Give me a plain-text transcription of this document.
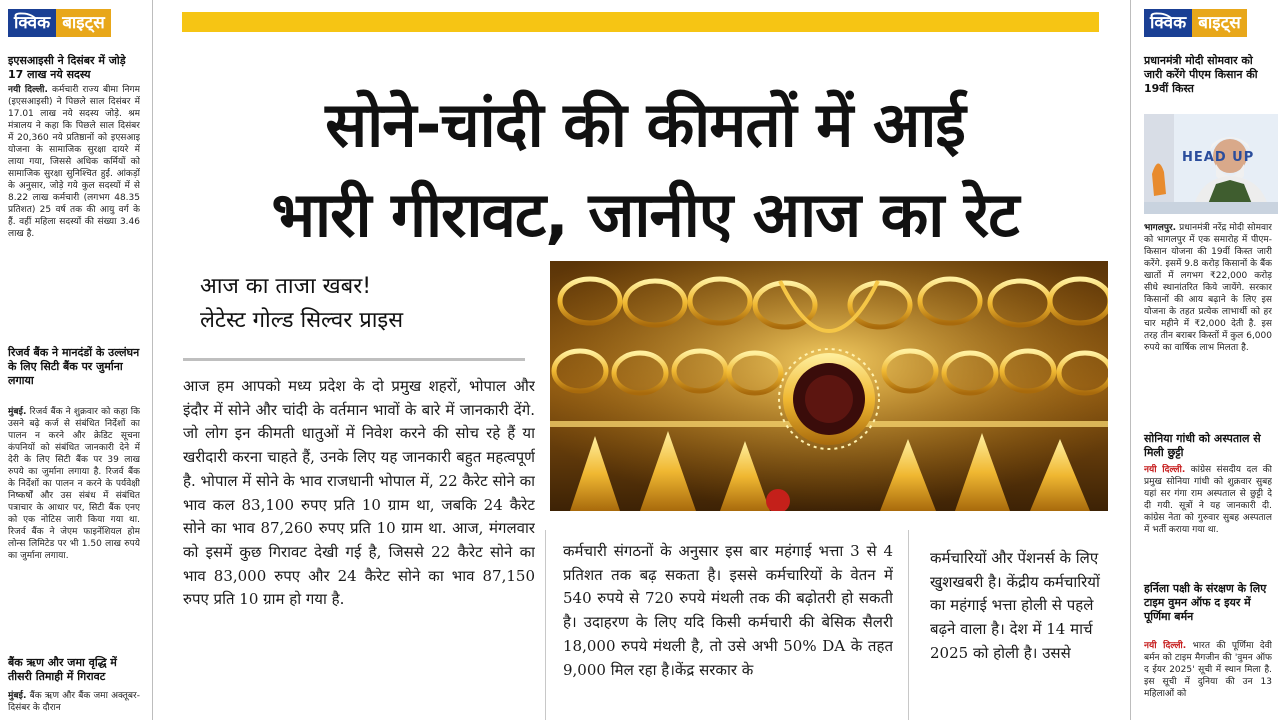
क्विक बाइट्स
इएसआइसी ने दिसंबर में जोड़े 17 लाख नये सदस्य
नयी दिल्ली. कर्मचारी राज्य बीमा निगम (इएसआइसी) ने पिछले साल दिसंबर में 17.01 लाख नये सदस्य जोड़े. श्रम मंत्रालय ने कहा कि पिछले साल दिसंबर में 20,360 नये प्रतिष्ठानों को इएसआइ योजना के सामाजिक सुरक्षा दायरे में लाया गया, जिससे अधिक कर्मियों को सामाजिक सुरक्षा सुनिश्चित हुई. आंकड़ों के अनुसार, जोड़े गये कुल सदस्यों में से 8.22 लाख कर्मचारी (लगभग 48.35 प्रतिशत) 25 वर्ष तक की आयु वर्ग के हैं. वहीं महिला सदस्यों की संख्या 3.46 लाख है.
रिजर्व बैंक ने मानदंडों के उल्लंघन के लिए सिटी बैंक पर जुर्माना लगाया
मुंबई. रिजर्व बैंक ने शुक्रवार को कहा कि उसने बढ़े कर्ज से संबंधित निर्देशों का पालन न करने और क्रेडिट सूचना कंपनियों को संबंधित जानकारी देने में देरी के लिए सिटी बैंक पर 39 लाख रुपये का जुर्माना लगाया है. रिजर्व बैंक के निर्देशों का पालन न करने के पर्यवेक्षी निष्कर्षों और उस संबंध में संबंधित पत्राचार के आधार पर, सिटी बैंक एनए को एक नोटिस जारी किया गया था. रिजर्व बैंक ने जेएम फाइनेंशियल होम लोन्स लिमिटेड पर भी 1.50 लाख रुपये का जुर्माना लगाया.
बैंक ऋण और जमा वृद्धि में तीसरी तिमाही में गिरावट
मुंबई. बैंक ऋण और बैंक जमा अक्तूबर-दिसंबर के दौरान
क्विक बाइट्स
प्रधानमंत्री मोदी सोमवार को जारी करेंगे पीएम किसान की 19वीं किस्त
HEAD UP
भागलपुर. प्रधानमंत्री नरेंद्र मोदी सोमवार को भागलपुर में एक समारोह में पीएम-किसान योजना की 19वीं किस्त जारी करेंगे. इसमें 9.8 करोड़ किसानों के बैंक खातों में लगभग ₹22,000 करोड़ सीधे स्थानांतरित किये जायेंगे. सरकार किसानों की आय बढ़ाने के लिए इस योजना के तहत प्रत्येक लाभार्थी को हर चार महीने में ₹2,000 देती है. इस तरह तीन बराबर किस्तों में कुल 6,000 रुपये का वार्षिक लाभ मिलता है.
सोनिया गांधी को अस्पताल से मिली छुट्टी
नयी दिल्ली. कांग्रेस संसदीय दल की प्रमुख सोनिया गांधी को शुक्रवार सुबह यहां सर गंगा राम अस्पताल से छुट्टी दे दी गयी. सूत्रों ने यह जानकारी दी. कांग्रेस नेता को गुरुवार सुबह अस्पताल में भर्ती कराया गया था.
हर्निला पक्षी के संरक्षण के लिए टाइम वुमन ऑफ द इयर में पूर्णिमा बर्मन
नयी दिल्ली. भारत की पूर्णिमा देवी बर्मन को टाइम मैगजीन की 'वुमन ऑफ द ईयर 2025' सूची में स्थान मिला है. इस सूची में दुनिया की उन 13 महिलाओं को
सोने-चांदी की कीमतों में आई
भारी गीरावट, जानीए आज का रेट
आज का ताजा खबर!
लेटेस्ट गोल्ड सिल्वर प्राइस
आज हम आपको मध्य प्रदेश के दो प्रमुख शहरों, भोपाल और इंदौर में सोने और चांदी के वर्तमान भावों के बारे में जानकारी देंगे. जो लोग इन कीमती धातुओं में निवेश करने की सोच रहे हैं या खरीदारी करना चाहते हैं, उनके लिए यह जानकारी बहुत महत्वपूर्ण है. भोपाल में सोने के भाव राजधानी भोपाल में, 22 कैरेट सोने का भाव कल 83,100 रुपए प्रति 10 ग्राम था, जबकि 24 कैरेट सोने का भाव 87,260 रुपए प्रति 10 ग्राम था. आज, मंगलवार को इसमें कुछ गिरावट देखी गई है, जिससे 22 कैरेट सोने का भाव 83,000 रुपए और 24 कैरेट सोने का भाव 87,150 रुपए प्रति 10 ग्राम हो गया है.
कर्मचारी संगठनों के अनुसार इस बार महंगाई भत्ता 3 से 4 प्रतिशत तक बढ़ सकता है। इससे कर्मचारियों के वेतन में 540 रुपये से 720 रुपये मंथली तक की बढ़ोतरी हो सकती है। उदाहरण के लिए यदि किसी कर्मचारी की बेसिक सैलरी 18,000 रुपये मंथली है, तो उसे अभी 50% DA के तहत 9,000 मिल रहा है।केंद्र सरकार के
कर्मचारियों और पेंशनर्स के लिए खुशखबरी है। केंद्रीय कर्मचारियों का महंगाई भत्ता होली से पहले बढ़ने वाला है। देश में 14 मार्च 2025 को होली है। उससे
